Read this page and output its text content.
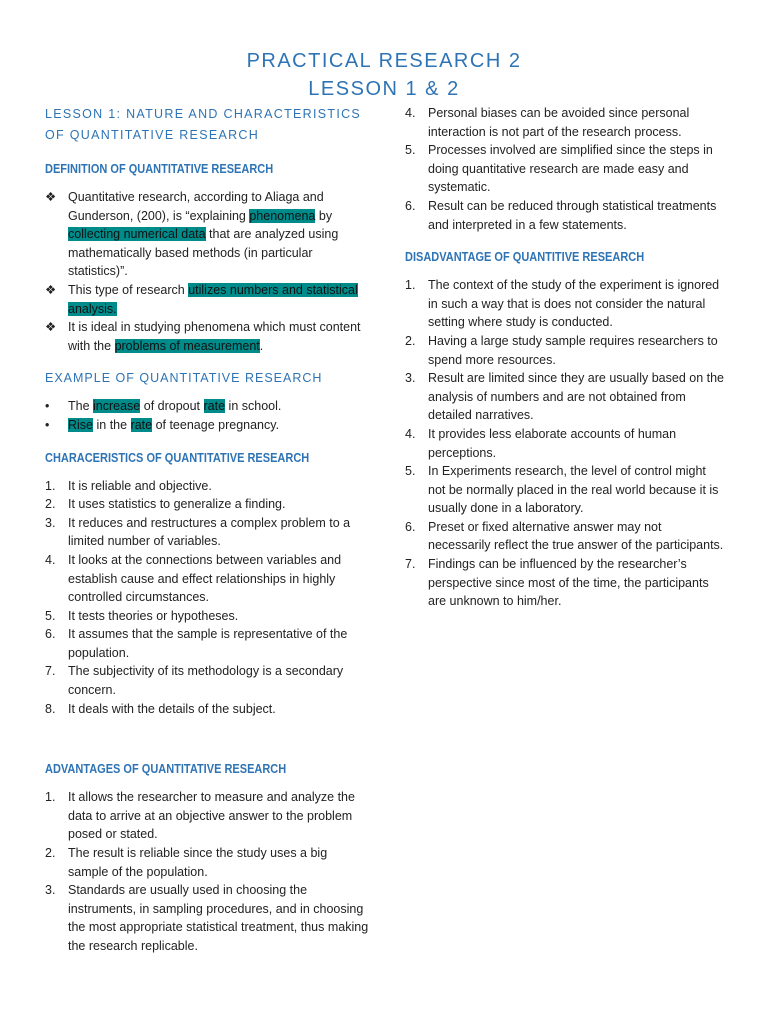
PRACTICAL RESEARCH 2
LESSON 1 & 2
LESSON 1: NATURE AND CHARACTERISTICS OF QUANTITATIVE RESEARCH
DEFINITION OF QUANTITATIVE RESEARCH
❖ Quantitative research, according to Aliaga and Gunderson, (200), is “explaining phenomena by collecting numerical data that are analyzed using mathematically based methods (in particular statistics)”.
❖ This type of research utilizes numbers and statistical analysis.
❖ It is ideal in studying phenomena which must content with the problems of measurement.
EXAMPLE OF QUANTITATIVE RESEARCH
• The increase of dropout rate in school.
• Rise in the rate of teenage pregnancy.
CHARACERISTICS OF QUANTITATIVE RESEARCH
1. It is reliable and objective.
2. It uses statistics to generalize a finding.
3. It reduces and restructures a complex problem to a limited number of variables.
4. It looks at the connections between variables and establish cause and effect relationships in highly controlled circumstances.
5. It tests theories or hypotheses.
6. It assumes that the sample is representative of the population.
7. The subjectivity of its methodology is a secondary concern.
8. It deals with the details of the subject.
ADVANTAGES OF QUANTITATIVE RESEARCH
1. It allows the researcher to measure and analyze the data to arrive at an objective answer to the problem posed or stated.
2. The result is reliable since the study uses a big sample of the population.
3. Standards are usually used in choosing the instruments, in sampling procedures, and in choosing the most appropriate statistical treatment, thus making the research replicable.
4. Personal biases can be avoided since personal interaction is not part of the research process.
5. Processes involved are simplified since the steps in doing quantitative research are made easy and systematic.
6. Result can be reduced through statistical treatments and interpreted in a few statements.
DISADVANTAGE OF QUANTITIVE RESEARCH
1. The context of the study of the experiment is ignored in such a way that is does not consider the natural setting where study is conducted.
2. Having a large study sample requires researchers to spend more resources.
3. Result are limited since they are usually based on the analysis of numbers and are not obtained from detailed narratives.
4. It provides less elaborate accounts of human perceptions.
5. In Experiments research, the level of control might not be normally placed in the real world because it is usually done in a laboratory.
6. Preset or fixed alternative answer may not necessarily reflect the true answer of the participants.
7. Findings can be influenced by the researcher’s perspective since most of the time, the participants are unknown to him/her.
